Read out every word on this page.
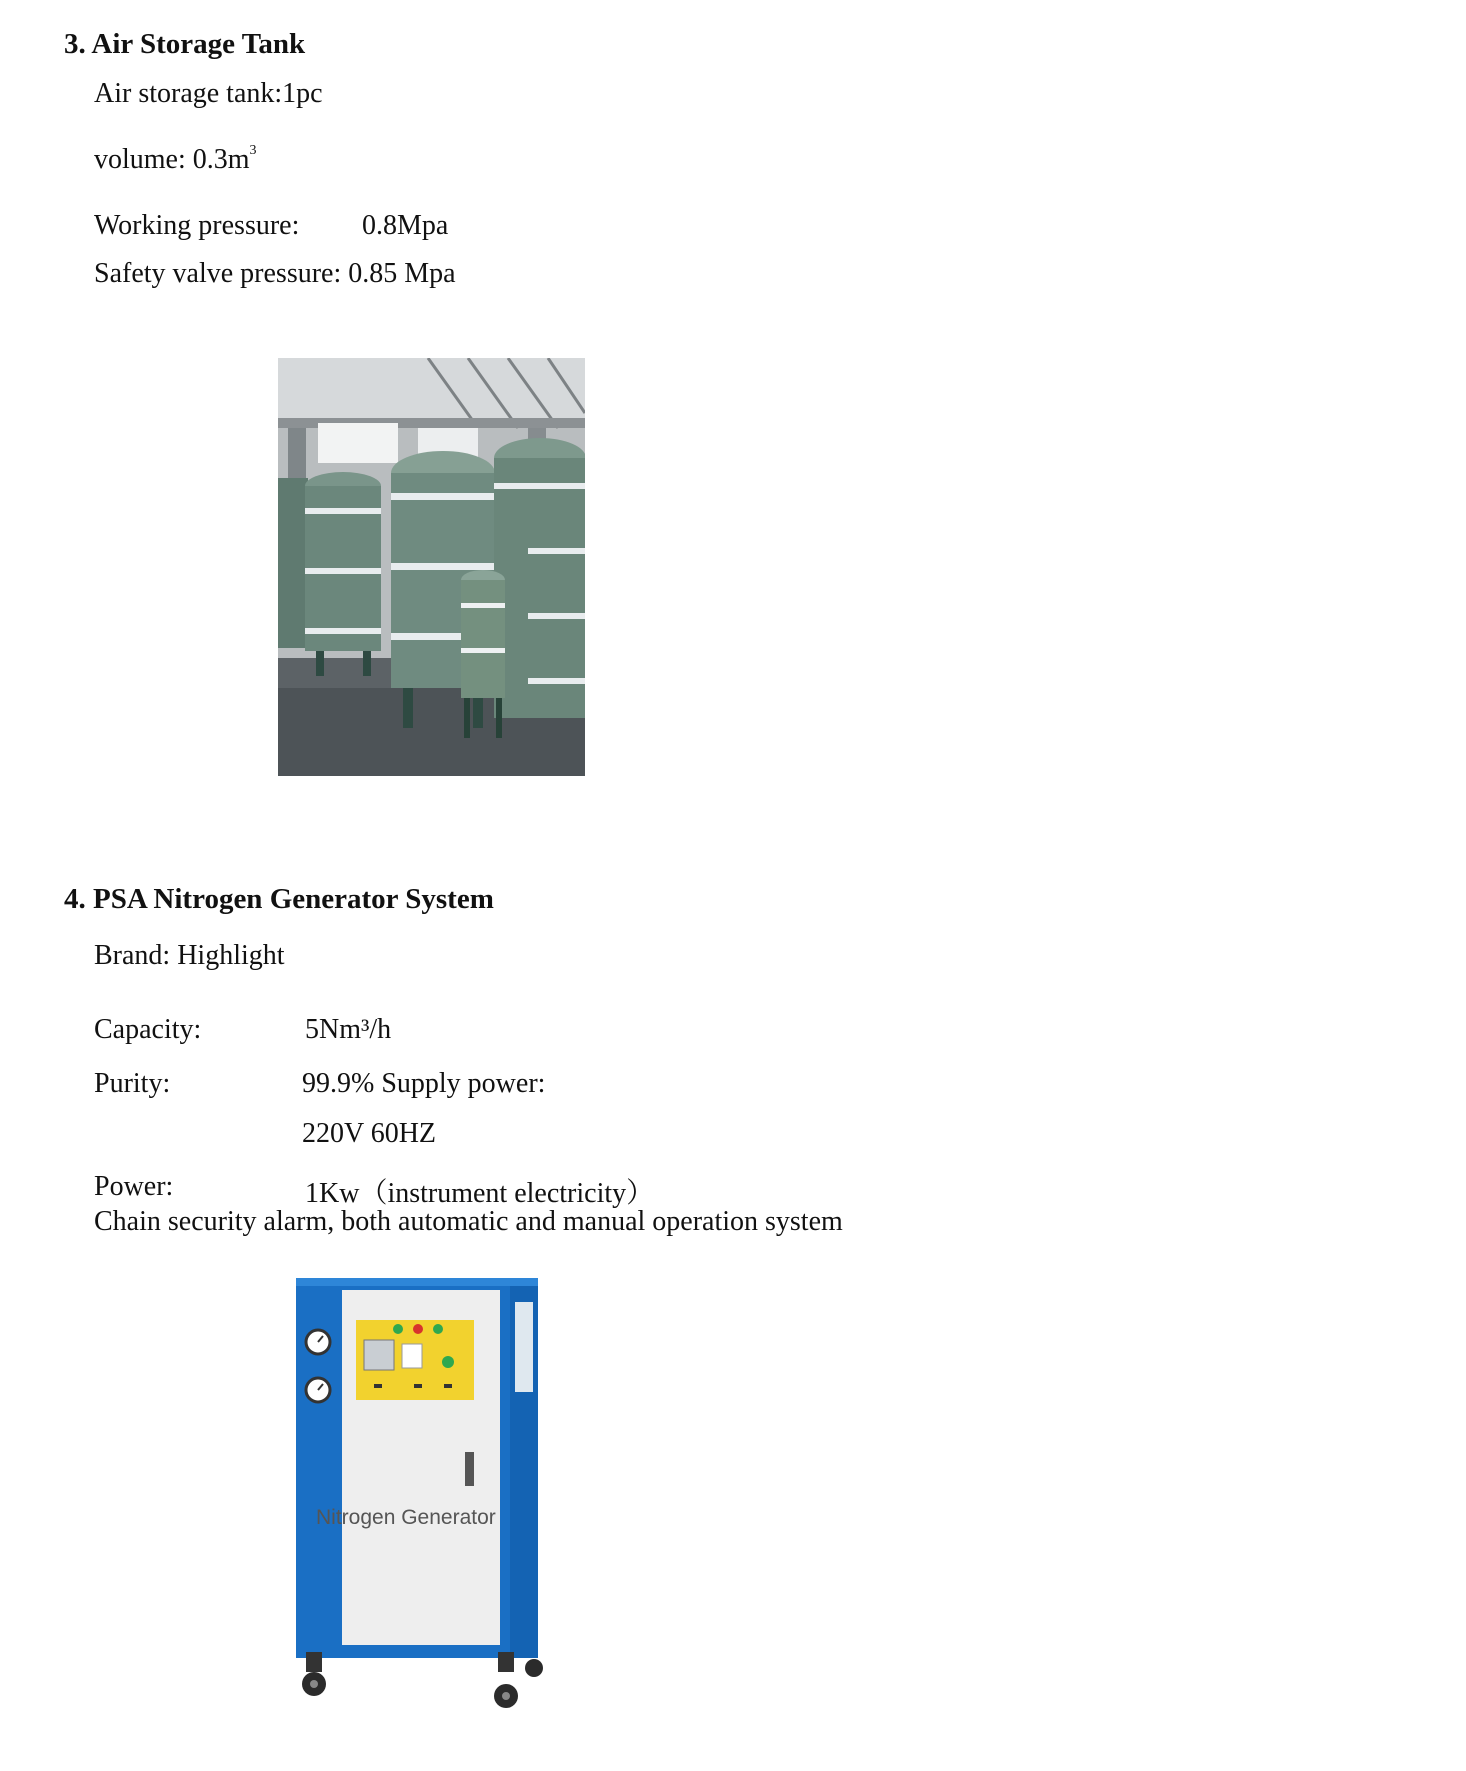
3. Air Storage Tank
Air storage tank:1pc
volume: $0.3m^3$
Working pressure: 0.8Mpa
Safety valve pressure: 0.85 Mpa
4. PSA Nitrogen Generator System
Brand: Highlight
Capacity:	5Nm³/h
Purity:	99.9% Supply power:
220V 60HZ
Power:	1Kw（instrument electricity）
Chain security alarm, both automatic and manual operation system
Nitrogen Generator
